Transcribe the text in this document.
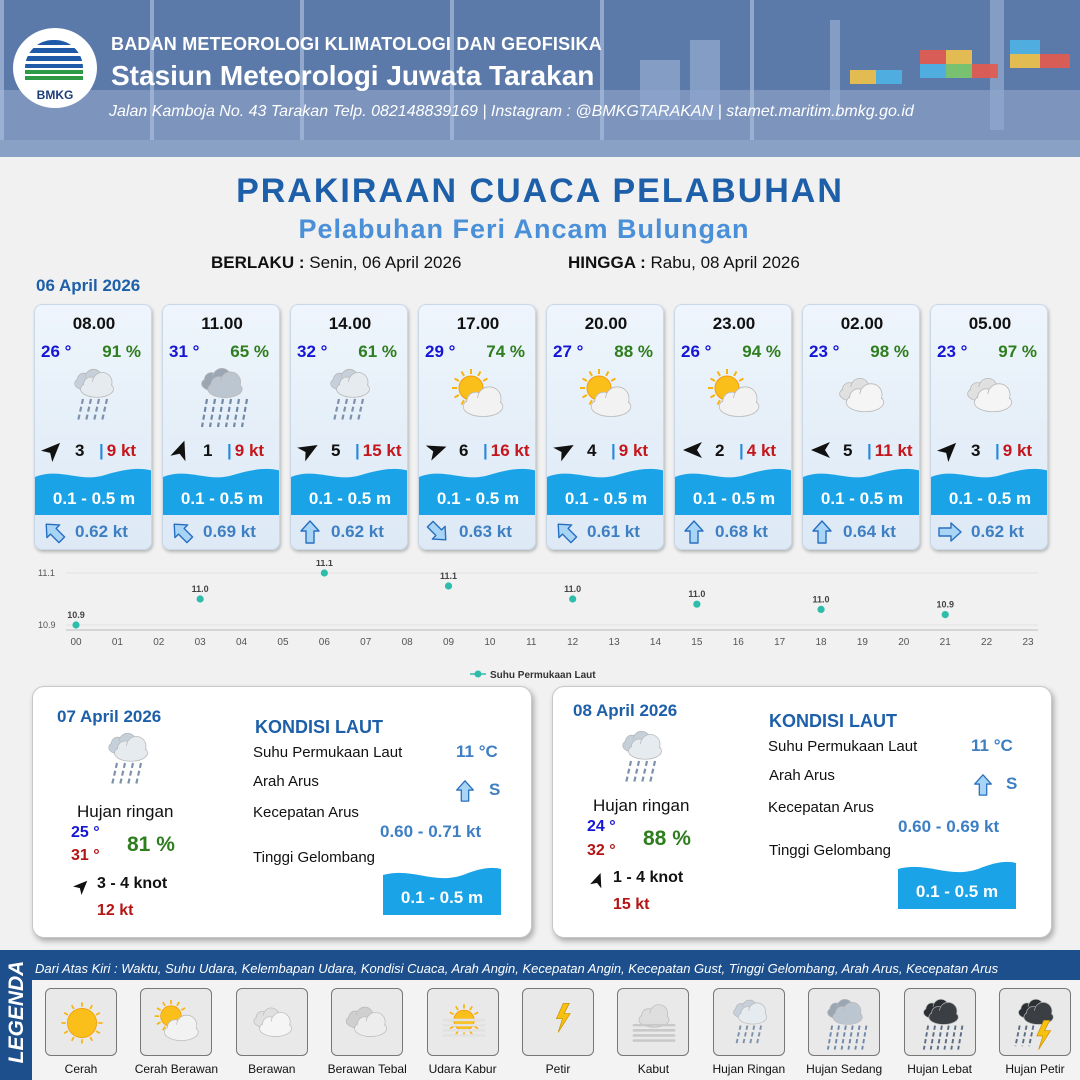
BMKG
BADAN METEOROLOGI KLIMATOLOGI DAN GEOFISIKA
Stasiun Meteorologi Juwata Tarakan
Jalan Kamboja No. 43 Tarakan Telp. 082148839169 | Instagram : @BMKGTARAKAN | stamet.maritim.bmkg.go.id
PRAKIRAAN CUACA PELABUHAN
Pelabuhan Feri Ancam Bulungan
BERLAKU : Senin, 06 April 2026	HINGGA : Rabu, 08 April 2026
06 April 2026
08.00
26 ° 91 %
3 | 9 kt
0.1 - 0.5 m
0.62 kt
11.00
31 ° 65 %
1 | 9 kt
0.1 - 0.5 m
0.69 kt
14.00
32 ° 61 %
5 | 15 kt
0.1 - 0.5 m
0.62 kt
17.00
29 ° 74 %
6 | 16 kt
0.1 - 0.5 m
0.63 kt
20.00
27 ° 88 %
4 | 9 kt
0.1 - 0.5 m
0.61 kt
23.00
26 ° 94 %
2 | 4 kt
0.1 - 0.5 m
0.68 kt
02.00
23 ° 98 %
5 | 11 kt
0.1 - 0.5 m
0.64 kt
05.00
23 ° 97 %
3 | 9 kt
0.1 - 0.5 m
0.62 kt
11.1
10.9
00	01	02	03	04	05	06	07	08	09	10	11	12	13	14	15	16	17	18	19	20	21	22	23
10.9
11.0
11.1
11.1
11.0
11.0
11.0
10.9
Suhu Permukaan Laut
07 April 2026
Hujan ringan
25 °
31 ° 81 %
3 - 4 knot
12 kt
KONDISI LAUT
Suhu Permukaan Laut	11 °C
Arah Arus	S
Kecepatan Arus
0.60 - 0.71 kt
Tinggi Gelombang
0.1 - 0.5 m
08 April 2026
Hujan ringan
24 °
32 °
88 %
1 - 4 knot
15 kt
KONDISI LAUT
Suhu Permukaan Laut	11 °C
Arah Arus	S
Kecepatan Arus
0.60 - 0.69 kt
Tinggi Gelombang
0.1 - 0.5 m
LEGENDA Dari Atas Kiri : Waktu, Suhu Udara, Kelembapan Udara, Kondisi Cuaca, Arah Angin, Kecepatan Angin, Kecepatan Gust, Tinggi Gelombang, Arah Arus, Kecepatan Arus
Cerah	Cerah Berawan	Berawan	Berawan Tebal	Udara Kabur	Petir	Kabut	Hujan Ringan	Hujan Sedang	Hujan Lebat	Hujan Petir
